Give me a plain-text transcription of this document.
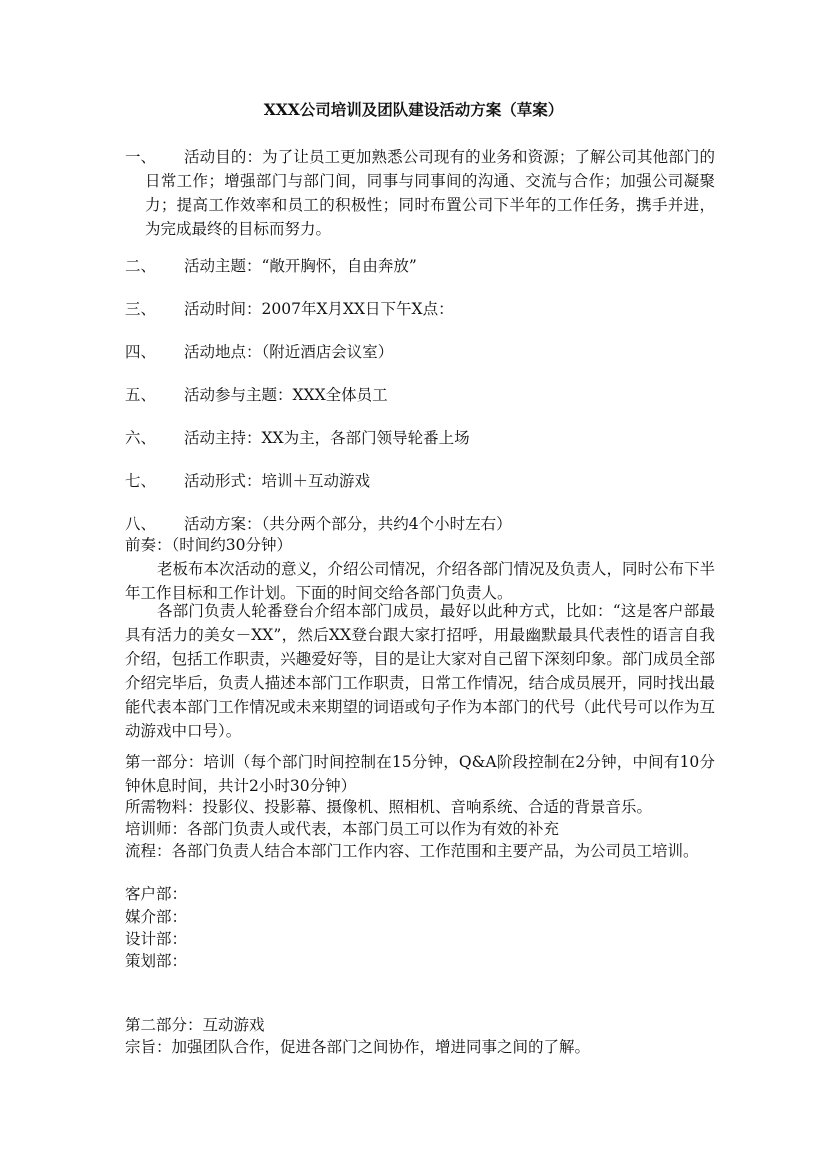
XXX公司培训及团队建设活动方案（草案）
一、	活动目的：为了让员工更加熟悉公司现有的业务和资源；了解公司其他部门的日常工作；增强部门与部门间，同事与同事间的沟通、交流与合作；加强公司凝聚力；提高工作效率和员工的积极性；同时布置公司下半年的工作任务，携手并进，为完成最终的目标而努力。
二、	活动主题：“敞开胸怀，自由奔放”
三、	活动时间：2007年X月XX日下午X点：
四、	活动地点：（附近酒店会议室）
五、	活动参与主题：XXX全体员工
六、	活动主持：XX为主，各部门领导轮番上场
七、	活动形式：培训＋互动游戏
八、	活动方案：（共分两个部分，共约4个小时左右）
前奏：（时间约30分钟）
老板布本次活动的意义，介绍公司情况，介绍各部门情况及负责人，同时公布下半年工作目标和工作计划。下面的时间交给各部门负责人。
各部门负责人轮番登台介绍本部门成员，最好以此种方式，比如：“这是客户部最具有活力的美女－XX”，然后XX登台跟大家打招呼，用最幽默最具代表性的语言自我介绍，包括工作职责，兴趣爱好等，目的是让大家对自己留下深刻印象。部门成员全部介绍完毕后，负责人描述本部门工作职责，日常工作情况，结合成员展开，同时找出最能代表本部门工作情况或未来期望的词语或句子作为本部门的代号（此代号可以作为互动游戏中口号）。
第一部分：培训（每个部门时间控制在15分钟，Q&A阶段控制在2分钟，中间有10分钟休息时间，共计2小时30分钟）
所需物料：投影仪、投影幕、摄像机、照相机、音响系统、合适的背景音乐。
培训师：各部门负责人或代表，本部门员工可以作为有效的补充
流程：各部门负责人结合本部门工作内容、工作范围和主要产品，为公司员工培训。
客户部：
媒介部：
设计部：
策划部：
第二部分：互动游戏
宗旨：加强团队合作，促进各部门之间协作，增进同事之间的了解。
